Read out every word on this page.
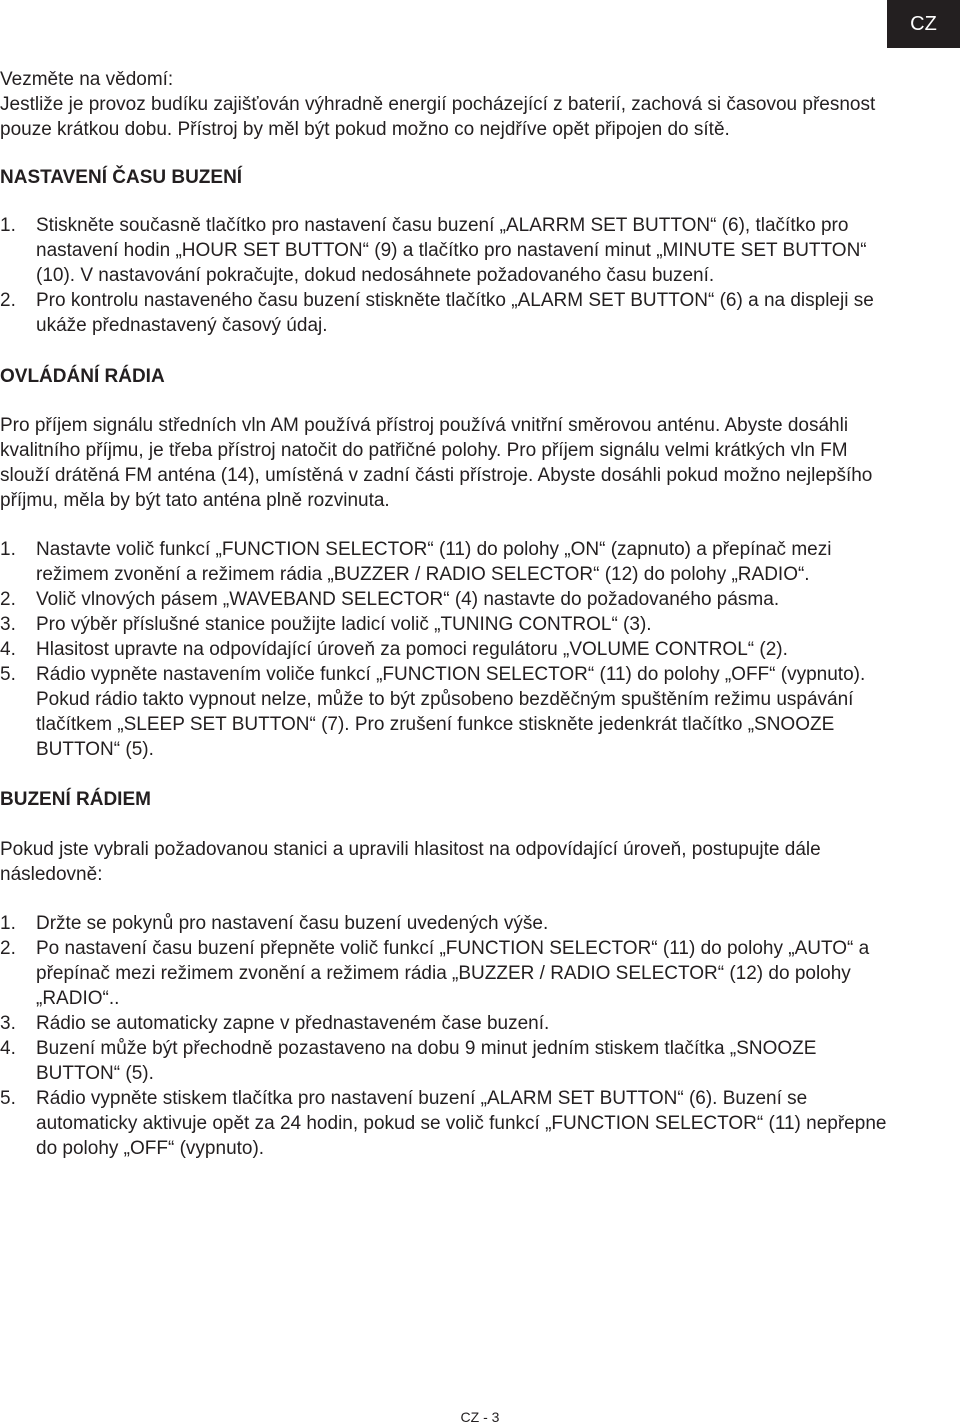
CZ

Vezměte na vědomí:

Jestliže je provoz budíku zajišťován výhradně energií pocházející z baterií, zachová si časovou přesnost pouze krátkou dobu. Přístroj by měl být pokud možno co nejdříve opět připojen do sítě.

NASTAVENÍ ČASU BUZENÍ
1. Stiskněte současně tlačítko pro nastavení času buzení „ALARRM SET BUTTON“ (6), tlačítko pro nastavení hodin „HOUR SET BUTTON“ (9) a tlačítko pro nastavení minut „MINUTE SET BUTTON“ (10). V nastavování pokračujte, dokud nedosáhnete požadovaného času buzení.
2. Pro kontrolu nastaveného času buzení stiskněte tlačítko „ALARM SET BUTTON“ (6) a na displeji se ukáže přednastavený časový údaj.
OVLÁDÁNÍ RÁDIA

Pro příjem signálu středních vln AM používá přístroj používá vnitřní směrovou anténu. Abyste dosáhli kvalitního příjmu, je třeba přístroj natočit do patřičné polohy. Pro příjem signálu velmi krátkých vln FM slouží drátěná FM anténa (14), umístěná v zadní části přístroje. Abyste dosáhli pokud možno nejlepšího příjmu, měla by být tato anténa plně rozvinuta.

1. Nastavte volič funkcí „FUNCTION SELECTOR“ (11) do polohy „ON“ (zapnuto) a přepínač mezi režimem zvonění a režimem rádia „BUZZER / RADIO SELECTOR“ (12) do polohy „RADIO“.
2. Volič vlnových pásem „WAVEBAND SELECTOR“ (4) nastavte do požadovaného pásma.
3. Pro výběr příslušné stanice použijte ladicí volič „TUNING CONTROL“ (3).
4. Hlasitost upravte na odpovídající úroveň za pomoci regulátoru „VOLUME CONTROL“ (2).
5. Rádio vypněte nastavením voliče funkcí „FUNCTION SELECTOR“ (11) do polohy „OFF“ (vypnuto). Pokud rádio takto vypnout nelze, může to být způsobeno bezděčným spuštěním režimu uspávání tlačítkem „SLEEP SET BUTTON“ (7). Pro zrušení funkce stiskněte jedenkrát tlačítko „SNOOZE BUTTON“ (5).
BUZENÍ RÁDIEM

Pokud jste vybrali požadovanou stanici a upravili hlasitost na odpovídající úroveň, postupujte dále následovně:

1. Držte se pokynů pro nastavení času buzení uvedených výše.
2. Po nastavení času buzení přepněte volič funkcí „FUNCTION SELECTOR“ (11) do polohy „AUTO“ a přepínač mezi režimem zvonění a režimem rádia „BUZZER / RADIO SELECTOR“ (12) do polohy „RADIO“..
3. Rádio se automaticky zapne v přednastaveném čase buzení.
4. Buzení může být přechodně pozastaveno na dobu 9 minut jedním stiskem tlačítka „SNOOZE BUTTON“ (5).
5. Rádio vypněte stiskem tlačítka pro nastavení buzení „ALARM SET BUTTON“ (6). Buzení se automaticky aktivuje opět za 24 hodin, pokud se volič funkcí „FUNCTION SELECTOR“ (11) nepřepne do polohy „OFF“ (vypnuto).
CZ - 3
